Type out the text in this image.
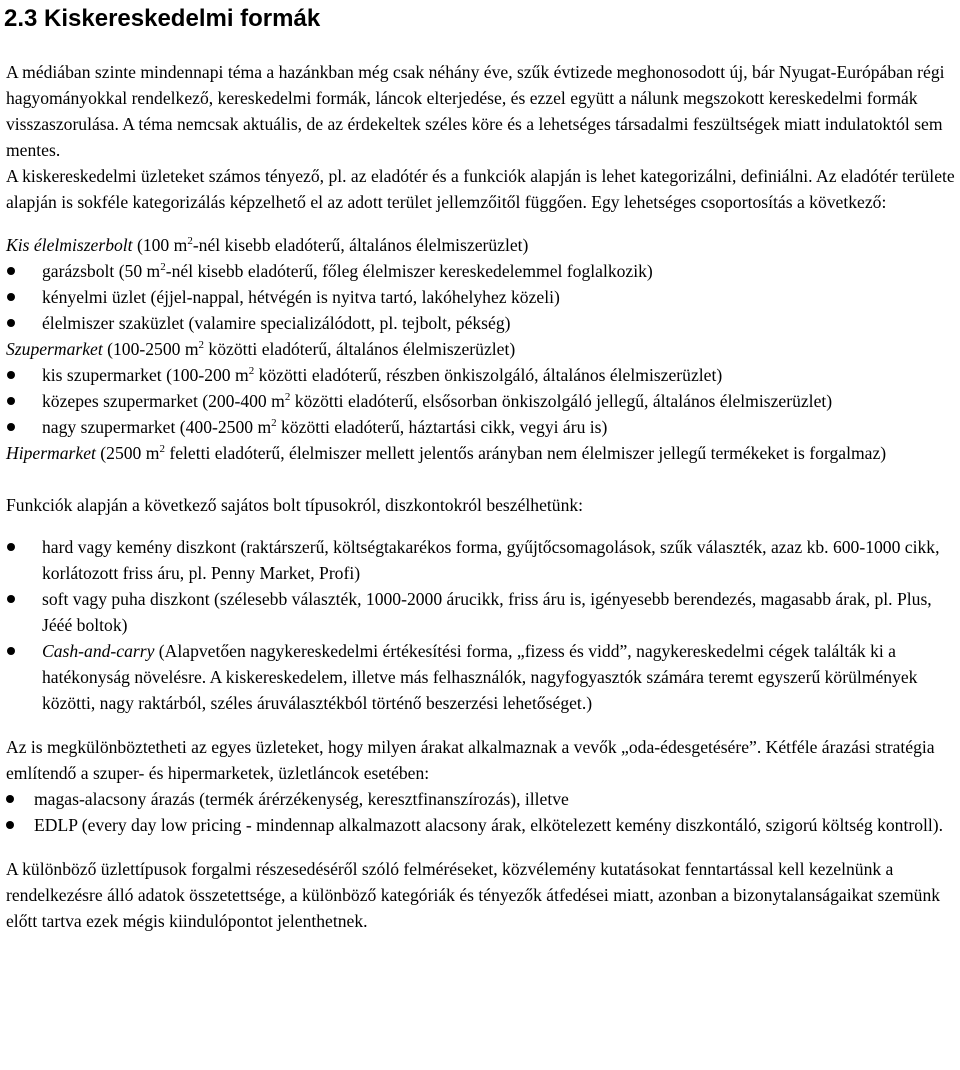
2.3 Kiskereskedelmi formák

A médiában szinte mindennapi téma a hazánkban még csak néhány éve, szűk évtizede meghonosodott új, bár Nyugat-Európában régi hagyományokkal rendelkező, kereskedelmi formák, láncok elterjedése, és ezzel együtt a nálunk megszokott kereskedelmi formák visszaszorulása. A téma nemcsak aktuális, de az érdekeltek széles köre és a lehetséges társadalmi feszültségek miatt indulatoktól sem mentes.

A kiskereskedelmi üzleteket számos tényező, pl. az eladótér és a funkciók alapján is lehet kategorizálni, definiálni. Az eladótér területe alapján is sokféle kategorizálás képzelhető el az adott terület jellemzőitől függően. Egy lehetséges csoportosítás a következő:

Kis élelmiszerbolt (100 $m^2$-nél kisebb eladóterű, általános élelmiszerüzlet)

garázsbolt (50 $m^2$-nél kisebb eladóterű, főleg élelmiszer kereskedelemmel foglalkozik)
kényelmi üzlet (éjjel-nappal, hétvégén is nyitva tartó, lakóhelyhez közeli)
élelmiszer szaküzlet (valamire specializálódott, pl. tejbolt, pékség)

Szupermarket (100-2500 $m^2$ közötti eladóterű, általános élelmiszerüzlet)

kis szupermarket (100-200 $m^2$ közötti eladóterű, részben önkiszolgáló, általános élelmiszerüzlet)
közepes szupermarket (200-400 $m^2$ közötti eladóterű, elsősorban önkiszolgáló jellegű, általános élelmiszerüzlet)
nagy szupermarket (400-2500 $m^2$ közötti eladóterű, háztartási cikk, vegyi áru is)

Hipermarket (2500 $m^2$ feletti eladóterű, élelmiszer mellett jelentős arányban nem élelmiszer jellegű termékeket is forgalmaz)

Funkciók alapján a következő sajátos bolt típusokról, diszkontokról beszélhetünk:

hard vagy kemény diszkont (raktárszerű, költségtakarékos forma, gyűjtőcsomagolások, szűk választék, azaz kb. 600-1000 cikk, korlátozott friss áru, pl. Penny Market, Profi)
soft vagy puha diszkont (szélesebb választék, 1000-2000 árucikk, friss áru is, igényesebb berendezés, magasabb árak, pl. Plus, Jééé boltok)
Cash-and-carry (Alapvetően nagykereskedelmi értékesítési forma, „fizess és vidd”, nagykereskedelmi cégek találták ki a hatékonyság növelésre. A kiskereskedelem, illetve más felhasználók, nagyfogyasztók számára teremt egyszerű körülmények közötti, nagy raktárból, széles áruválasztékból történő beszerzési lehetőséget.)

Az is megkülönböztetheti az egyes üzleteket, hogy milyen árakat alkalmaznak a vevők „oda-édesgetésére”. Kétféle árazási stratégia említendő a szuper- és hipermarketek, üzletláncok esetében:

magas-alacsony árazás (termék árérzékenység, keresztfinanszírozás), illetve
EDLP (every day low pricing - mindennap alkalmazott alacsony árak, elkötelezett kemény diszkontáló, szigorú költség kontroll).

A különböző üzlettípusok forgalmi részesedéséről szóló felméréseket, közvélemény kutatásokat fenntartással kell kezelnünk a rendelkezésre álló adatok összetettsége, a különböző kategóriák és tényezők átfedései miatt, azonban a bizonytalanságaikat szemünk előtt tartva ezek mégis kiindulópontot jelenthetnek.
